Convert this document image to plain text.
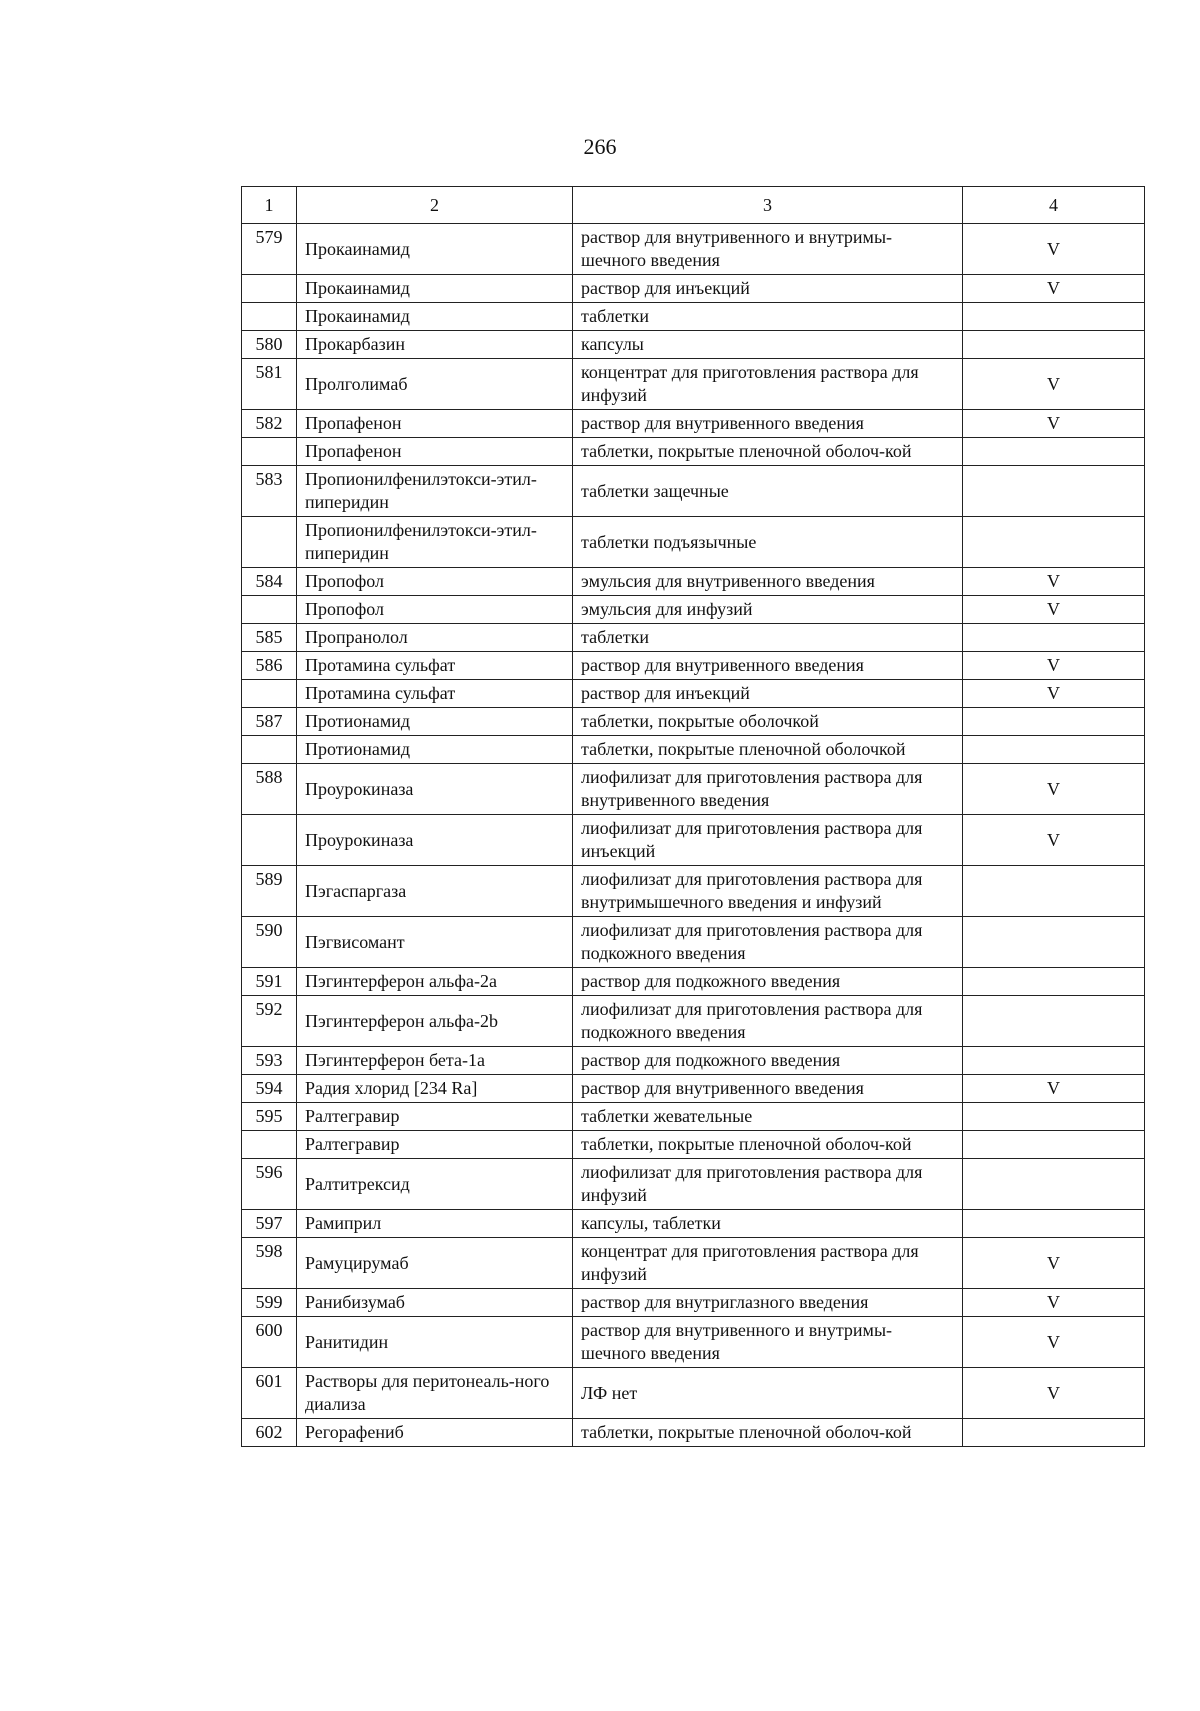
266
1	2	3	4
579	Прокаинамид	раствор для внутривенного и внутримы-шечного введения	V
	Прокаинамид	раствор для инъекций	V
	Прокаинамид	таблетки	
580	Прокарбазин	капсулы	
581	Пролголимаб	концентрат для приготовления раствора для инфузий	V
582	Пропафенон	раствор для внутривенного введения	V
	Пропафенон	таблетки, покрытые пленочной оболоч-кой	
583	Пропионилфенилэтокси-этил-пиперидин	таблетки защечные	
	Пропионилфенилэтокси-этил-пиперидин	таблетки подъязычные	
584	Пропофол	эмульсия для внутривенного введения	V
	Пропофол	эмульсия для инфузий	V
585	Пропранолол	таблетки	
586	Протамина сульфат	раствор для внутривенного введения	V
	Протамина сульфат	раствор для инъекций	V
587	Протионамид	таблетки, покрытые оболочкой	
	Протионамид	таблетки, покрытые пленочной оболочкой	
588	Проурокиназа	лиофилизат для приготовления раствора для внутривенного введения	V
	Проурокиназа	лиофилизат для приготовления раствора для инъекций	V
589	Пэгаспаргаза	лиофилизат для приготовления раствора для внутримышечного введения и инфузий	
590	Пэгвисомант	лиофилизат для приготовления раствора для подкожного введения	
591	Пэгинтерферон альфа-2а	раствор для подкожного введения	
592	Пэгинтерферон альфа-2b	лиофилизат для приготовления раствора для подкожного введения	
593	Пэгинтерферон бета-1а	раствор для подкожного введения	
594	Радия хлорид [234 Ra]	раствор для внутривенного введения	V
595	Ралтегравир	таблетки жевательные	
	Ралтегравир	таблетки, покрытые пленочной оболоч-кой	
596	Ралтитрексид	лиофилизат для приготовления раствора для инфузий	
597	Рамиприл	капсулы, таблетки	
598	Рамуцирумаб	концентрат для приготовления раствора для инфузий	V
599	Ранибизумаб	раствор для внутриглазного введения	V
600	Ранитидин	раствор для внутривенного и внутримы-шечного введения	V
601	Растворы для перитонеаль-ного диализа	ЛФ нет	V
602	Регорафениб	таблетки, покрытые пленочной оболоч-кой	
